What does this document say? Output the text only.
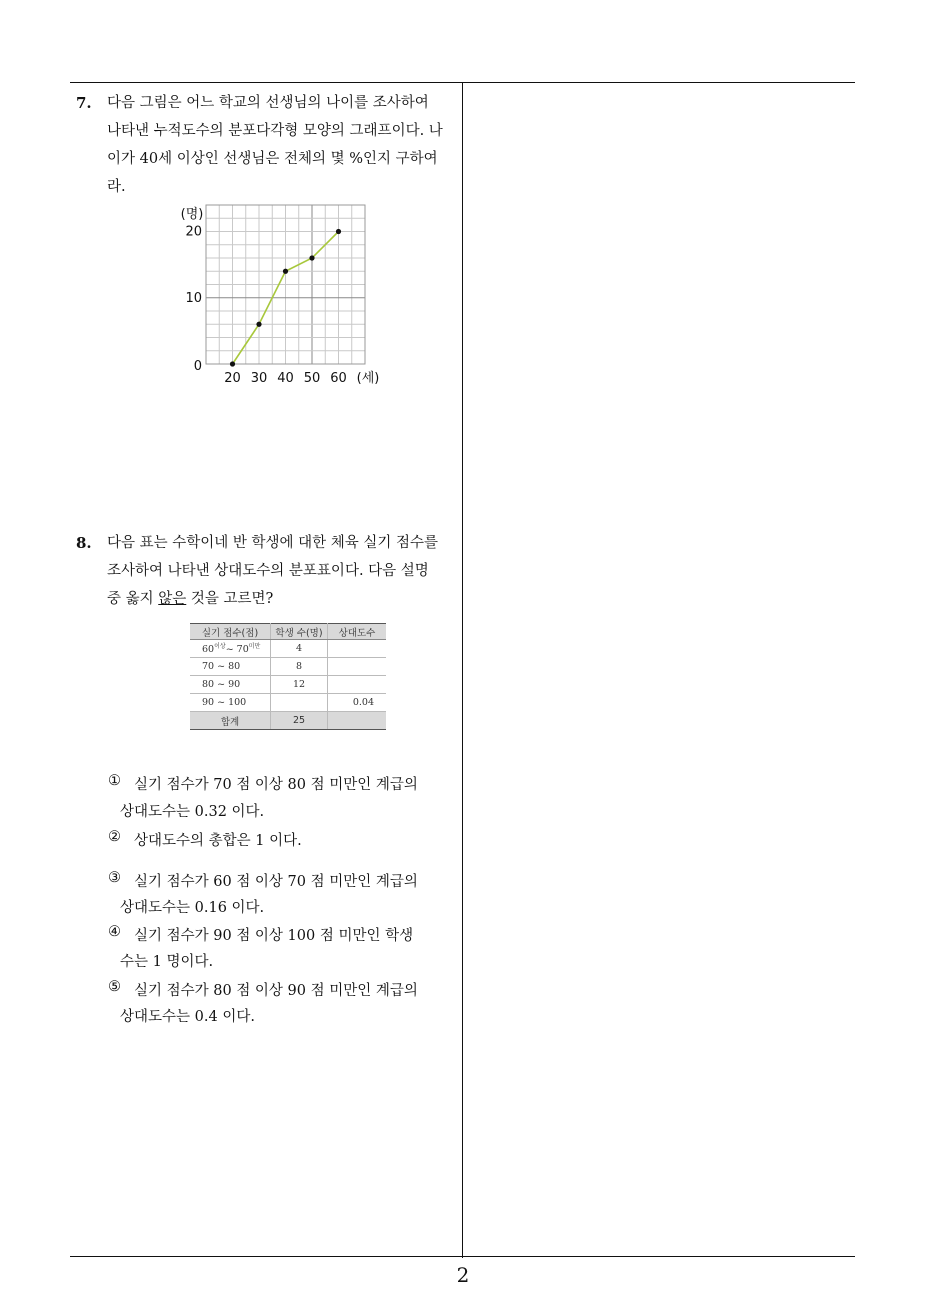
7. 다음 그림은 어느 학교의 선생님의 나이를 조사하여
나타낸 누적도수의 분포다각형 모양의 그래프이다. 나
이가 40세 이상인 선생님은 전체의 몇 %인지 구하여
라.
0
10
20
20 30 40 50 60
(명)
(세)
8. 다음 표는 수학이네 반 학생에 대한 체육 실기 점수를
조사하여 나타낸 상대도수의 분포표이다. 다음 설명
중 옳지 않은 것을 고르면?
실기 점수(점)	학생 수(명)	상대도수
$60^{이상}\sim$ $70^{미만}$	4	
70 ~ 80	8	
80 ~ 90	12	
90 ~ 100		0.04
합계	25	
① 실기 점수가 70 점 이상 80 점 미만인 계급의
상대도수는 0.32 이다.
② 상대도수의 총합은 1 이다.
③ 실기 점수가 60 점 이상 70 점 미만인 계급의
상대도수는 0.16 이다.
④ 실기 점수가 90 점 이상 100 점 미만인 학생
수는 1 명이다.
⑤ 실기 점수가 80 점 이상 90 점 미만인 계급의
상대도수는 0.4 이다.
2
